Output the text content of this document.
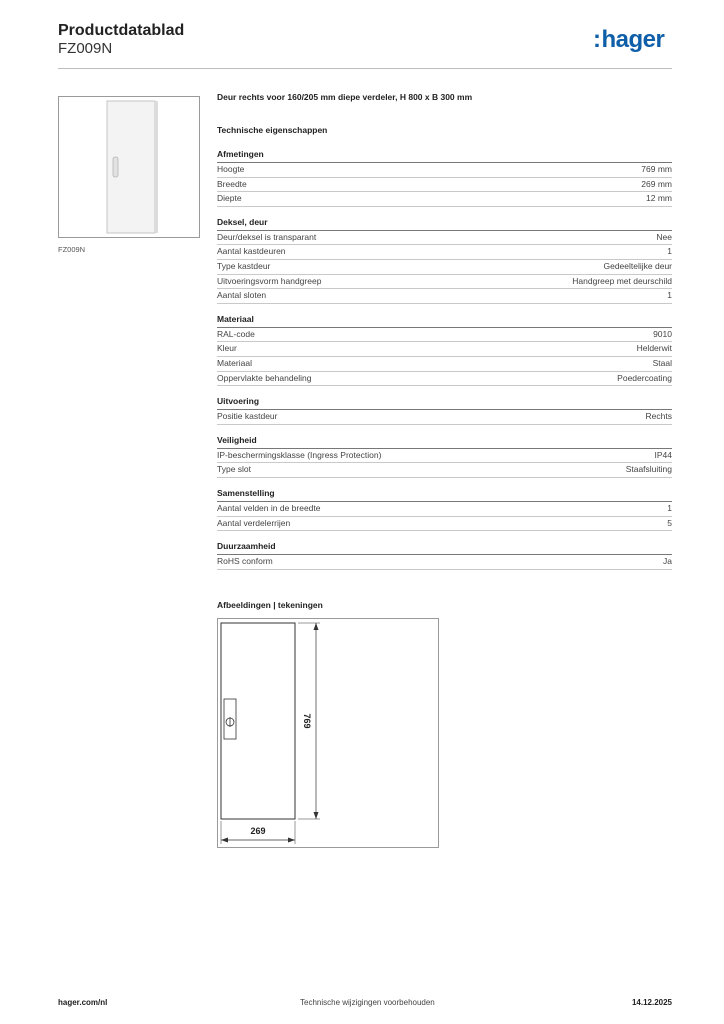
Productdatablad
FZ009N	:hager
FZ009N
Deur rechts voor 160/205 mm diepe verdeler, H 800 x B 300 mm
Technische eigenschappen
Afmetingen
Hoogte	769 mm
Breedte	269 mm
Diepte	12 mm
Deksel, deur
Deur/deksel is transparant	Nee
Aantal kastdeuren	1
Type kastdeur	Gedeeltelijke deur
Uitvoeringsvorm handgreep	Handgreep met deurschild
Aantal sloten	1
Materiaal
RAL-code	9010
Kleur	Helderwit
Materiaal	Staal
Oppervlakte behandeling	Poedercoating
Uitvoering
Positie kastdeur	Rechts
Veiligheid
IP-beschermingsklasse (Ingress Protection)	IP44
Type slot	Staafsluiting
Samenstelling
Aantal velden in de breedte	1
Aantal verdelerrijen	5
Duurzaamheid
RoHS conform	Ja
Afbeeldingen | tekeningen
769
269
hager.com/nl	Technische wijzigingen voorbehouden	14.12.2025
